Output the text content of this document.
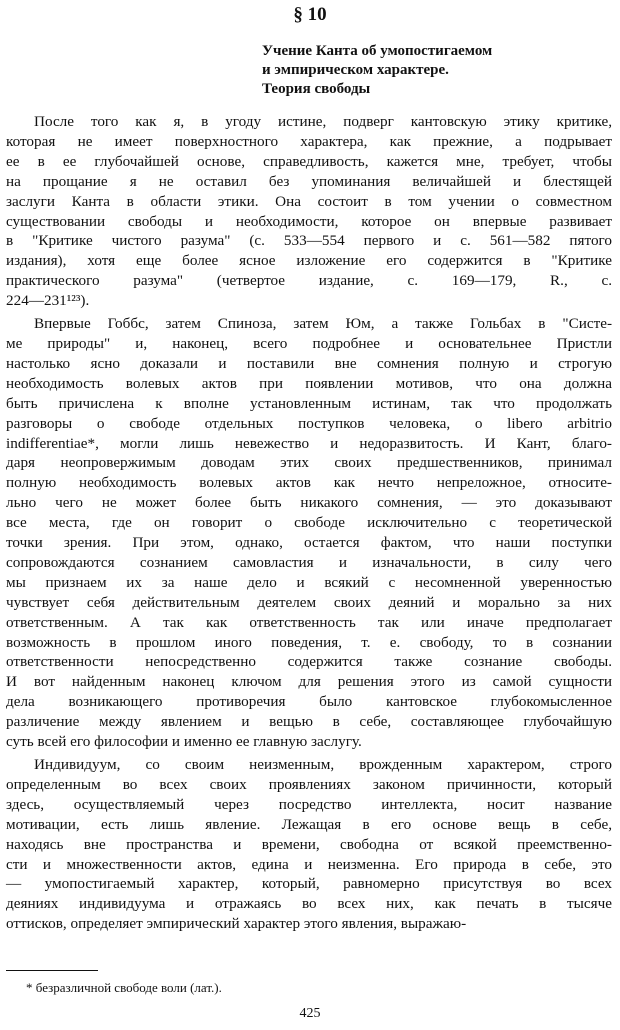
§ 10
Учение Канта об умопостигаемом
и эмпирическом характере.
Теория свободы
После того как я, в угоду истине, подверг кантовскую этику критике,
которая не имеет поверхностного характера, как прежние, а подрывает
ее в ее глубочайшей основе, справедливость, кажется мне, требует, чтобы
на прощание я не оставил без упоминания величайшей и блестящей
заслуги Канта в области этики. Она состоит в том учении о совместном
существовании свободы и необходимости, которое он впервые развивает
в "Критике чистого разума" (с. 533—554 первого и с. 561—582 пятого
издания), хотя еще более ясное изложение его содержится в "Критике
практического разума" (четвертое издание, с. 169—179, R., с.
224—231¹²³).
Впервые Гоббс, затем Спиноза, затем Юм, а также Гольбах в "Систе-
ме природы" и, наконец, всего подробнее и основательнее Пристли
настолько ясно доказали и поставили вне сомнения полную и строгую
необходимость волевых актов при появлении мотивов, что она должна
быть причислена к вполне установленным истинам, так что продолжать
разговоры о свободе отдельных поступков человека, о libero arbitrio
indifferentiae*, могли лишь невежество и недоразвитость. И Кант, благо-
даря неопровержимым доводам этих своих предшественников, принимал
полную необходимость волевых актов как нечто непреложное, относите-
льно чего не может более быть никакого сомнения, — это доказывают
все места, где он говорит о свободе исключительно с теоретической
точки зрения. При этом, однако, остается фактом, что наши поступки
сопровождаются сознанием самовластия и изначальности, в силу чего
мы признаем их за наше дело и всякий с несомненной уверенностью
чувствует себя действительным деятелем своих деяний и морально за них
ответственным. А так как ответственность так или иначе предполагает
возможность в прошлом иного поведения, т. е. свободу, то в сознании
ответственности непосредственно содержится также сознание свободы.
И вот найденным наконец ключом для решения этого из самой сущности
дела возникающего противоречия было кантовское глубокомысленное
различение между явлением и вещью в себе, составляющее глубочайшую
суть всей его философии и именно ее главную заслугу.
Индивидуум, со своим неизменным, врожденным характером, строго
определенным во всех своих проявлениях законом причинности, который
здесь, осуществляемый через посредство интеллекта, носит название
мотивации, есть лишь явление. Лежащая в его основе вещь в себе,
находясь вне пространства и времени, свободна от всякой преемственно-
сти и множественности актов, едина и неизменна. Его природа в себе, это
— умопостигаемый характер, который, равномерно присутствуя во всех
деяниях индивидуума и отражаясь во всех них, как печать в тысяче
оттисков, определяет эмпирический характер этого явления, выражаю-
* безразличной свободе воли (лат.).
425
